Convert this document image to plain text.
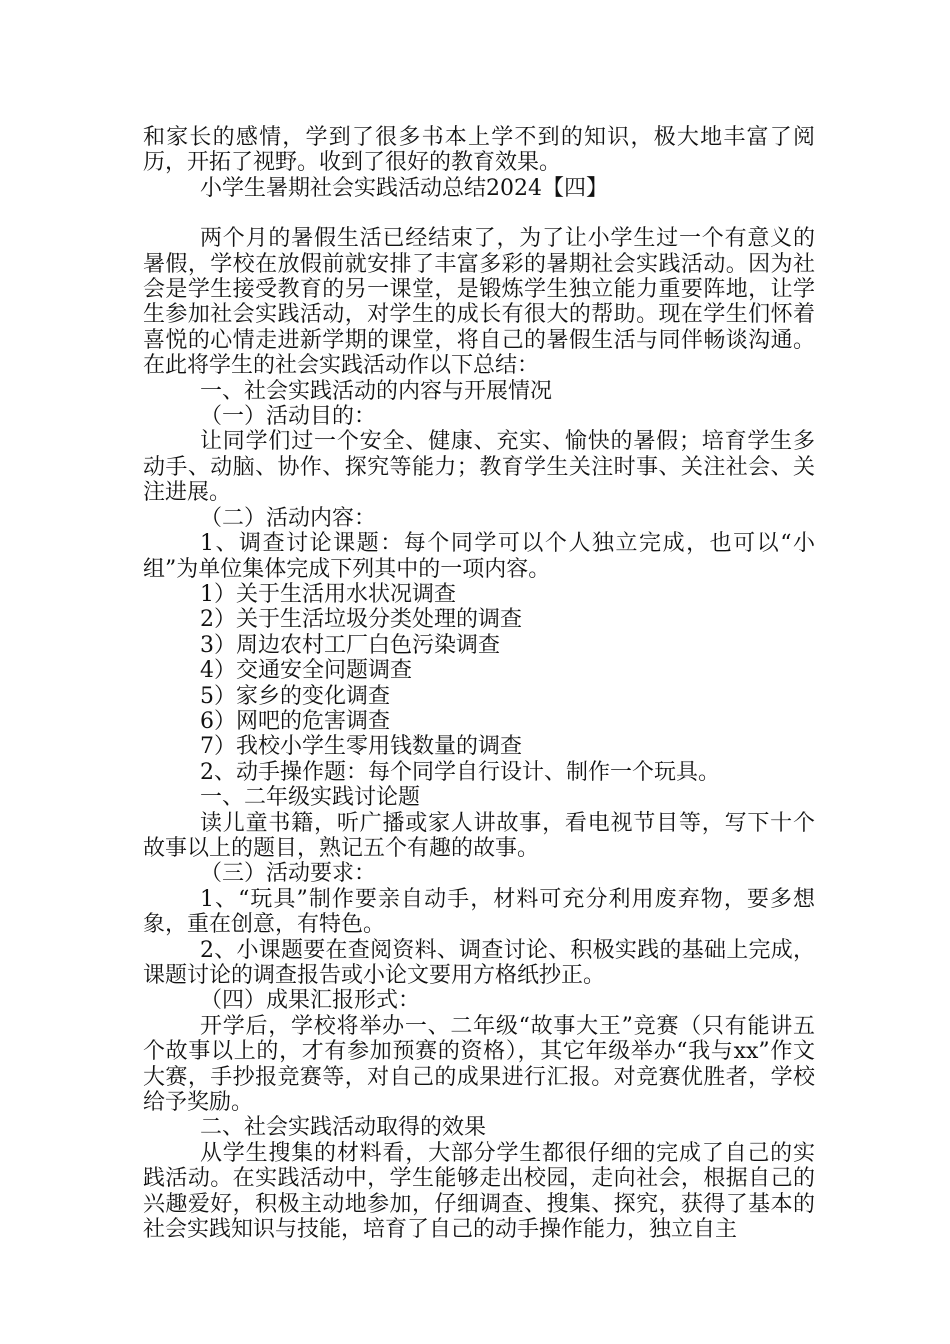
和家长的感情，学到了很多书本上学不到的知识，极大地丰富了阅历，开拓了视野。收到了很好的教育效果。

小学生暑期社会实践活动总结2024【四】

两个月的暑假生活已经结束了，为了让小学生过一个有意义的暑假，学校在放假前就安排了丰富多彩的暑期社会实践活动。因为社会是学生接受教育的另一课堂，是锻炼学生独立能力重要阵地，让学生参加社会实践活动，对学生的成长有很大的帮助。现在学生们怀着喜悦的心情走进新学期的课堂，将自己的暑假生活与同伴畅谈沟通。在此将学生的社会实践活动作以下总结：

一、社会实践活动的内容与开展情况

（一）活动目的：

让同学们过一个安全、健康、充实、愉快的暑假；培育学生多动手、动脑、协作、探究等能力；教育学生关注时事、关注社会、关注进展。

（二）活动内容：

1、调查讨论课题：每个同学可以个人独立完成，也可以“小组”为单位集体完成下列其中的一项内容。

1）关于生活用水状况调查

2）关于生活垃圾分类处理的调查

3）周边农村工厂白色污染调查

4）交通安全问题调查

5）家乡的变化调查

6）网吧的危害调查

7）我校小学生零用钱数量的调查

2、动手操作题：每个同学自行设计、制作一个玩具。

一、二年级实践讨论题

读儿童书籍，听广播或家人讲故事，看电视节目等，写下十个故事以上的题目，熟记五个有趣的故事。

（三）活动要求：

1、“玩具”制作要亲自动手，材料可充分利用废弃物，要多想象，重在创意，有特色。

2、小课题要在查阅资料、调查讨论、积极实践的基础上完成，课题讨论的调查报告或小论文要用方格纸抄正。

（四）成果汇报形式：

开学后，学校将举办一、二年级“故事大王”竞赛（只有能讲五个故事以上的，才有参加预赛的资格），其它年级举办“我与xx”作文大赛，手抄报竞赛等，对自己的成果进行汇报。对竞赛优胜者，学校给予奖励。

二、社会实践活动取得的效果

从学生搜集的材料看，大部分学生都很仔细的完成了自己的实践活动。在实践活动中，学生能够走出校园，走向社会，根据自己的兴趣爱好，积极主动地参加，仔细调查、搜集、探究，获得了基本的社会实践知识与技能，培育了自己的动手操作能力，独立自主
